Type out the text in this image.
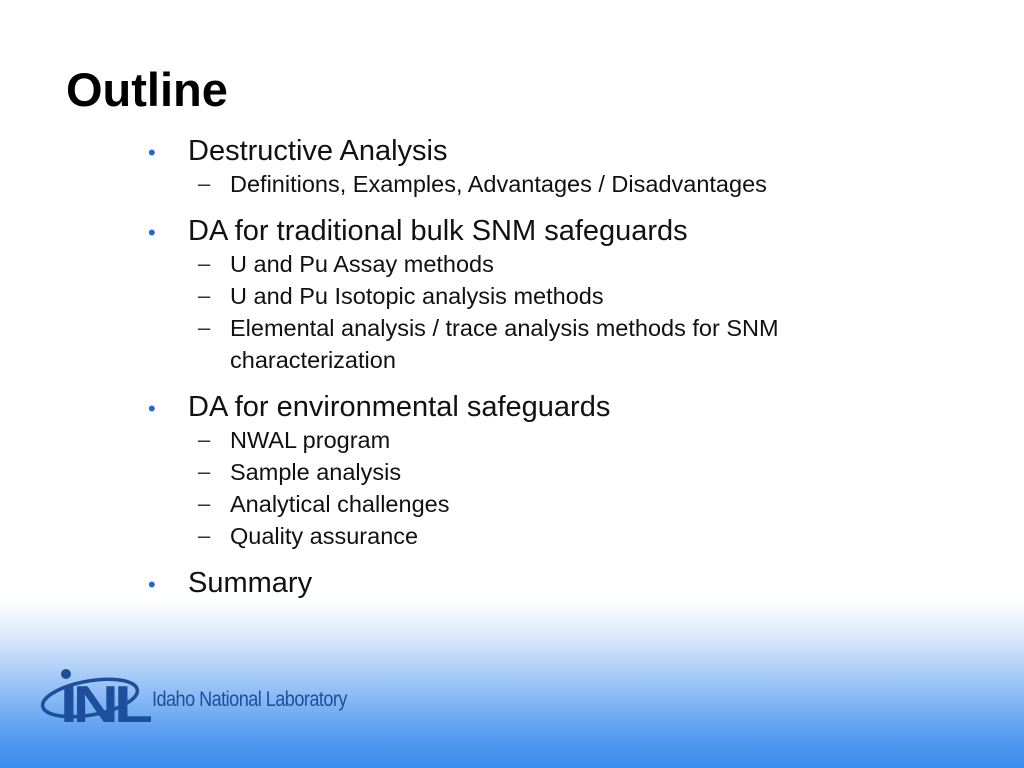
Outline
• Destructive Analysis
– Definitions, Examples, Advantages / Disadvantages
• DA for traditional bulk SNM safeguards
– U and Pu Assay methods
– U and Pu Isotopic analysis methods
– Elemental analysis / trace analysis methods for SNM characterization
• DA for environmental safeguards
– NWAL program
– Sample analysis
– Analytical challenges
– Quality assurance
• Summary
INL Idaho National Laboratory
